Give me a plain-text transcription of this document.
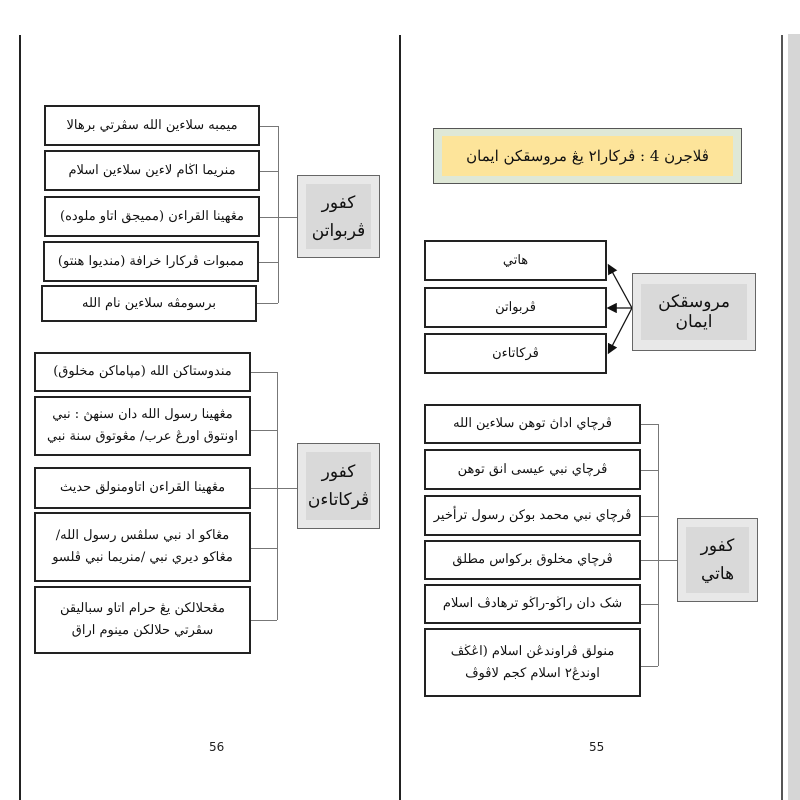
ميمبه سلاءين الله سڤرتي برهالا
منريما اڬام لاءين سلاءين اسلام
مڠهينا القراءن (مميجق اتاو ملوده)
ممبوات ڤركارا خرافة (منديوا هنتو)
برسومڤه سلاءين نام الله
كفور
ڤربواتن
مندوستاكن الله (مپاماكن مخلوق)
مڠهينا رسول الله دان سنهڽ : نبي
اونتوق اورڠ عرب/ مڠوتوق سنة نبي
مڠهينا القراءن اتاومنولق حديث
مڠاكو اد نبي سلڤس رسول الله/
مڠاكو ديري نبي /منريما نبي ڤلسو
مڠحلالكن يڠ حرام اتاو سباليقن
سڤرتي حلالكن مينوم اراق
كفور
ڤركاتاءن
56
ڤلاجرن 4 : ڤركارا٢ يڠ مروسقكن ايمان
هاتي
ڤربواتن
ڤركاتاءن
مروسقكن
ايمان
ڤرچاي اداڽ توهن سلاءين الله
ڤرچاي نبي عيسى انق توهن
ڤرچاي نبي محمد بوکن رسول ترأخير
ڤرچاي مخلوق برکواس مطلق
شک دان راڬو-راڬو ترهادڤ اسلام
منولق ڤراوندڠن اسلام (اڠڬڤ
اوندڠ٢ اسلام كجم لاڤوڤ
كفور
هاتي
55
